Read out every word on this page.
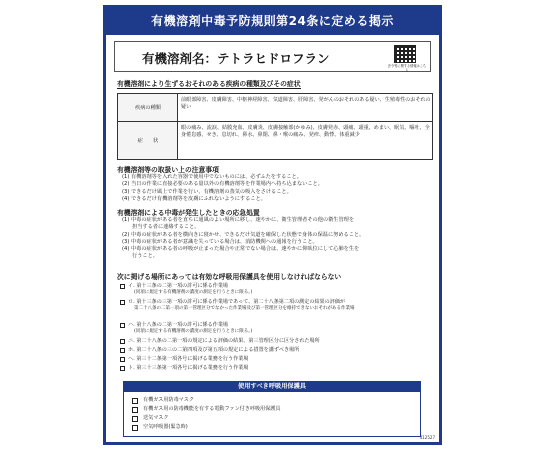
有機溶剤中毒予防規則第24条に定める掲示
有機溶剤名：テトラヒドロフラン	法令等に関する情報はこちら
有機溶剤により生ずるおそれのある疾病の種類及びその症状
疾病の種類
前眼部障害、皮膚障害、中枢神経障害、気道障害、肝障害、発がんのおそれのある疑い、生殖毒性のおそれの疑い
症　　状
眼の痛み、流涙、結膜充血、皮膚炎、皮膚接触部(かゆみ)、皮膚発赤、頭痛、頭重、めまい、眠気、嘔吐、全身倦怠感、せき、息切れ、鼻水、鼻閉、鼻・喉の痛み、発疹、動悸、体重減少
有機溶剤等の取扱い上の注意事項
(1) 有機溶剤等を入れた容器で使用中でないものには、必ずふたをすること。
(2) 当日の作業に直接必要のある量以外の有機溶剤等を作業場内へ持ち込まないこと。
(3) できるだけ風上で作業を行い、有機溶剤の蒸気の吸入をさけること。
(4) できるだけ有機溶剤等を皮膚にふれないようにすること。
有機溶剤による中毒が発生したときの応急処置
(1) 中毒の症状がある者を直ちに通風のよい場所に移し、速やかに、衛生管理者その他の衛生管理を
担当する者に連絡すること。
(2) 中毒の症状がある者を横向きに寝かせ、できるだけ気道を確保した状態で身体の保温に努めること。
(3) 中毒の症状がある者が意識を失っている場合は、消防機関への通報を行うこと。
(4) 中毒の症状がある者の呼吸が止まった場合や正常でない場合は、速やかに仰臥位にして心肺を生を
行うこと。
次に掲げる場所にあっては有効な呼吸用保護具を使用しなければならない
イ. 第十三条の二第一項の許可に係る作業場
(同項に規定する有機溶剤の濃度の測定を行うときに限る。)
ロ. 第十三条の三第一項の許可に係る作業場であって、第二十八条第二項の測定の結果の評価が
第二十八条の二第一項の第一管理区分でなかった作業場及び第一管理区分を維持できないおそれがある作業場
ハ. 第十八条の二第一項の許可に係る作業場
(同項に規定する有機溶剤の濃度の測定を行うときに限る。)
ニ. 第二十八条の二第一項の規定による評価の結果、第三管理区分に区分された場所
ホ. 第二十八条の三の二第四項及び第五項の規定による措置を講ずべき場所
ヘ. 第三十二条第一項各号に掲げる業務を行う作業場
ト. 第三十三条第一項各号に掲げる業務を行う作業場
使用すべき呼吸用保護具
有機ガス用防毒マスク
有機ガス用の防毒機能を有する電動ファン付き呼吸用保護具
送気マスク
空気呼吸器(緊急時)
412527
